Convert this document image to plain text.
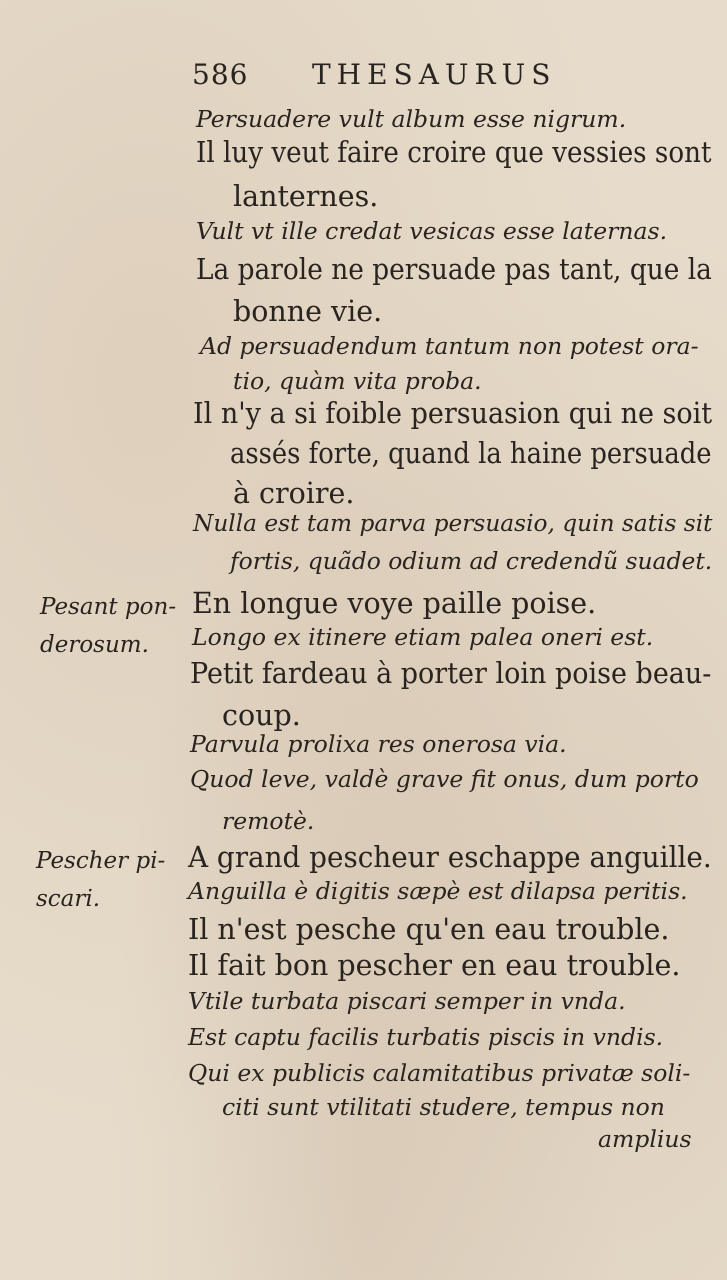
586 THESAURUS
Pesant pon-
derosum.
Pescher pi-
scari.
Persuadere vult album esse nigrum.
Il luy veut faire croire que vessies sont
lanternes.
Vult vt ille credat vesicas esse laternas.
La parole ne persuade pas tant, que la
bonne vie.
Ad persuadendum tantum non potest ora-
tio, quàm vita proba.
Il n'y a si foible persuasion qui ne soit
assés forte, quand la haine persuade
à croire.
Nulla est tam parva persuasio, quin satis sit
fortis, quãdo odium ad credendũ suadet.
En longue voye paille poise.
Longo ex itinere etiam palea oneri est.
Petit fardeau à porter loin poise beau-
coup.
Parvula prolixa res onerosa via.
Quod leve, valdè grave fit onus, dum porto
remotè.
A grand pescheur eschappe anguille.
Anguilla è digitis sæpè est dilapsa peritis.
Il n'est pesche qu'en eau trouble.
Il fait bon pescher en eau trouble.
Vtile turbata piscari semper in vnda.
Est captu facilis turbatis piscis in vndis.
Qui ex publicis calamitatibus privatæ soli-
citi sunt vtilitati studere, tempus non
amplius
